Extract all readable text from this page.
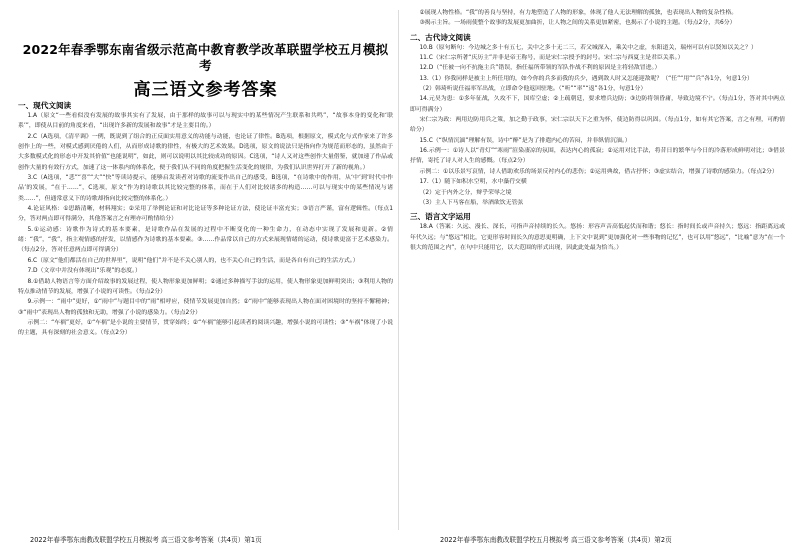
2022年春季鄂东南省级示范高中教育教学改革联盟学校五月模拟考
高三语文参考答案
一、现代文阅读

1.A（原文“一些看似没有发展的故事其实有了发展，由于那样的故事可以与现实中的某些情况产生联系和共鸣”，“故事本身的变化和‘联系’”，即使从目前的角度来看，“出现许多新的发展和故事”才是主要目的。）

2.C（A选项，《清平调》一例，既说到了组合的正反面实用意义的功能与动能，也论证了律性。B选项，根据原文，模式化与式作家来了许多创作上的一些，对模式感到厌倦的人们，从而形成诗歌的律性，有极大的艺术效果。D选项，原文的说法只是指向作为规范而形态的，虽然由于大多数模式化的形态中开发其价值“也能说明”，如此，则可以说明以其比较成功的原因。C选项，“诗人又对这些创作大量借鉴，就加速了作品或创作大量的有效行方式，加速了这一体系内的体系化，便于我们从不同的角度把握生活变化的规律，为我们认识世界打开了新的视角。）

3.C（A选项，“悲”“喜”“大”“快”等读诗提示，能够启发读者对诗歌的流变作出自己的感受，B选项，“在诗歌中的作用，从‘中’到‘时代中作品’的发展，“在于……”，C选项，原文“作为的诗歌以其比较完整的体系，而在于人们对比较诸多的构造……可以与现实中的某些情况与诸类……”，但通常意义下的诗歌却指向比较完整的体系化。）

4.论证风格：①思路清晰，材料翔实；②采用了举例论证和对比论证等多种论证方法，使论证丰富充实；③语言严谨，富有逻辑性。（每点1分，答对两点即可得满分，其他答案言之有理亦可酌情给分）

5.①运动感：诗歌作为诗式的基本要素，是诗歌作品在发展的过程中不断变化的一种生命力，在动态中实现了发展和更新。②情绪：“我”，“我”，指主观情感的抒发，以情感作为诗歌的基本要素。③……作品常以自己的方式来展现情绪的运动，使诗歌更富于艺术感染力。（每点2分，答对任意两点即可得满分）

6.C（原文“他们都活在自己的世界里”，说明“他们”并不是不关心别人的，也不关心自己的生活，而是各自有自己的生活方式。）

7.D（文章中并没有体现出“乐观”的态度。）

8.①借助人物语言等方面介绍故事的发展过程，使人物形象更加鲜明；②通过多种描写手法的运用，使人物形象更加鲜明突出；③利用人物的特点推动情节的发展，增强了小说的可读性。（每点2分）

9.示例一：“雨中”更好，①“雨中”与题目中的“雨”相呼应，使情节发展更加自然；②“雨中”能够表现出人物在面对困境时的坚持不懈精神；③“雨中”表现出人物的孤独和无助，增强了小说的感染力。（每点2分）

示例二：“车祸”更好，①“车祸”是小说的主要情节，贯穿始终；②“车祸”能够引起读者的阅读兴趣，增强小说的可读性；③“车祸”体现了小说的主题，具有深刻的社会意义。（每点2分）

②展现人物性格。“我”的善良与坚持，有力地塑造了人物的形象，体现了他人无法理解的孤独，也表现出人物的复杂性格。

③揭示主旨。一场雨使整个故事的发展更加曲折，让人物之间的关系更加紧密，也揭示了小说的主题。（每点2分，共6分）

二、古代诗文阅读

10.B（原句断句：今边城之多十有五七，关中之多十无二三，若父城深入，乘关中之虚，东阳道关，瑞州可以有以贤知以关之？）

11.C（宋仁宗所著“庆历主”并非是帝王称号，而是宋仁宗授予的封号。宋仁宗与西夏主是君臣关系。）

12.D（“任被一向不抗拖主兵”错误，指任福所带领的军队作战不利的原因是主将轻敌冒进。）

13.（1）你我同样是被主上所任用的，如今你的兵多而我的兵少，遇到敌人时又怎能迎敌呢？（“任”“用”“兵”各1分，句意1分）

（2）韩琦听说任福率军出战，立即命令他返回驻地。（“听”“率”“返”各1分，句意1分）

14.元昊为患：①多年征战，久攻不下，国库空虚；②上疏朝廷，要求增兵边防；③边防将领昏庸，导致边境不宁。（每点1分，答对其中两点即可得满分）

宋仁宗为政：两用边防用兵之策，加之勤于政事，宋仁宗以天下之重为怀，使边防得以巩固。（每点1分，如有其它答案，言之有理，可酌情给分）

15.C（“纵情沉湎”理解有误，诗中“醉”是为了排遣内心的苦闷，并非纵情沉湎。）

16.示例一：①诗人以“青灯”“寒雨”渲染凄凉的氛围，表达内心的孤寂；②运用对比手法，将昔日的繁华与今日的冷落形成鲜明对比；③借景抒情，寄托了诗人对人生的感慨。（每点2分）

示例二：①以乐景写哀情，诗人借助欢乐的场景反衬内心的悲伤；②运用典故，借古抒怀；③虚实结合，增强了诗歌的感染力。（每点2分）

17.（1）随下如积水空明，水中藻荇交横

（2）定于内外之分，辩乎荣辱之境

（3）主人下马客在船，举酒欲饮无管弦

三、语言文字运用

18.A（答案：久远、漫长、深长，可指声音持续的长久。悠扬：形容声音高低起伏而和谐；悠长：指时间长或声音持久；悠远：指距离远或年代久远；与“悠远”相比，它更形容时间长久的意思更明确，上下文中说到“更加强化对一些事物的记忆”，也可以用“悠远”，“比喻”意为“在一个很大的范围之内”，在句中只能用它，以大范围的形式出现，因此此处最为恰当。）

2022年春季鄂东南教改联盟学校五月模拟考 高三语文参考答案（共4页）第1页	2022年春季鄂东南教改联盟学校五月模拟考 高三语文参考答案（共4页）第2页
